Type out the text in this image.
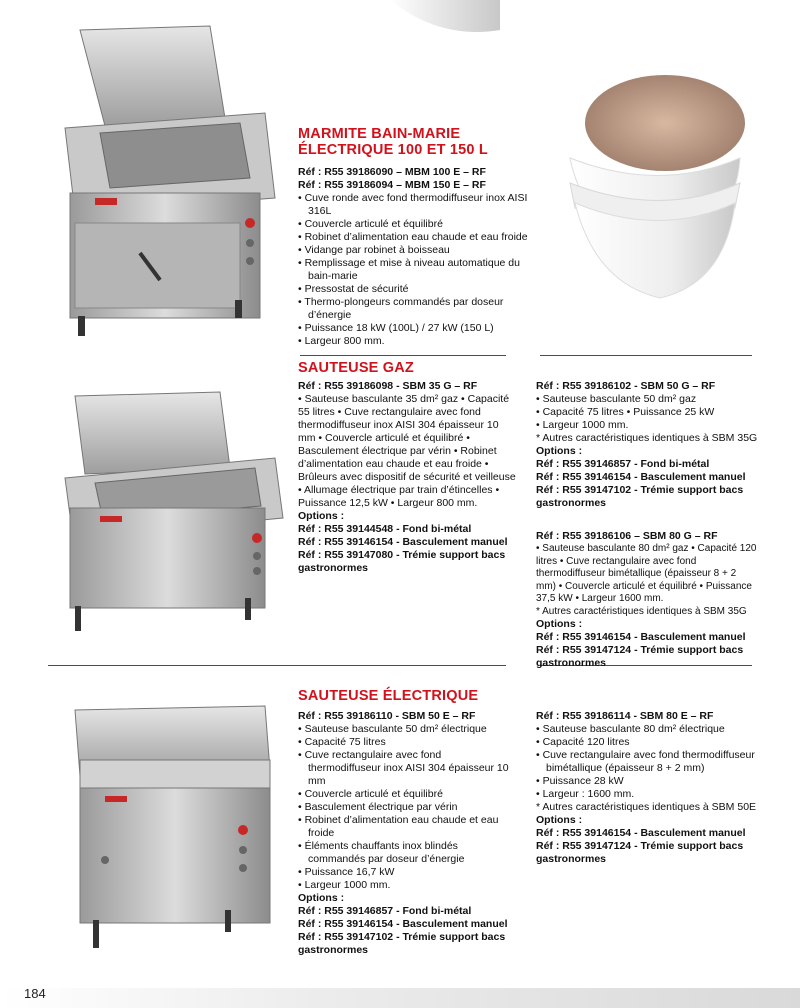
MARMITE BAIN-MARIE
ÉLECTRIQUE 100 ET 150 L
Réf : R55 39186090 – MBM 100 E – RF
Réf : R55 39186094 – MBM 150 E – RF
• Cuve ronde avec fond thermodiffuseur inox AISI 316L
• Couvercle articulé et équilibré
• Robinet d’alimentation eau chaude et eau froide
• Vidange par robinet à boisseau
• Remplissage et mise à niveau automatique du bain-marie
• Pressostat de sécurité
• Thermo-plongeurs commandés par doseur d’énergie
• Puissance 18 kW (100L) / 27 kW (150 L)
• Largeur 800 mm.
SAUTEUSE GAZ
Réf : R55 39186098 - SBM 35 G – RF
• Sauteuse basculante 35 dm² gaz • Capacité 55 litres • Cuve rectangulaire avec fond thermodiffuseur inox AISI 304 épaisseur 10 mm • Couvercle articulé et équilibré • Basculement électrique par vérin • Robinet d’alimentation eau chaude et eau froide • Brûleurs avec dispositif de sécurité et veilleuse • Allumage électrique par train d’étincelles • Puissance 12,5 kW • Largeur 800 mm.
Options :
Réf : R55 39144548 - Fond bi-métal
Réf : R55 39146154 - Basculement manuel
Réf : R55 39147080 - Trémie support bacs gastronormes
Réf : R55 39186102 - SBM 50 G – RF
• Sauteuse basculante 50 dm² gaz
• Capacité 75 litres • Puissance 25 kW
• Largeur 1000 mm.
* Autres caractéristiques identiques à SBM 35G
Options :
Réf : R55 39146857 - Fond bi-métal
Réf : R55 39146154 - Basculement manuel
Réf : R55 39147102 - Trémie support bacs gastronormes
Réf : R55 39186106 – SBM 80 G – RF
• Sauteuse basculante 80 dm² gaz • Capacité 120 litres • Cuve rectangulaire avec fond thermodiffuseur bimétallique (épaisseur 8 + 2 mm) • Couvercle articulé et équilibré • Puissance 37,5 kW • Largeur 1600 mm.
* Autres caractéristiques identiques à SBM 35G
Options :
Réf : R55 39146154 - Basculement manuel
Réf : R55 39147124 - Trémie support bacs gastronormes
SAUTEUSE ÉLECTRIQUE
Réf : R55 39186110 - SBM 50 E – RF
• Sauteuse basculante 50 dm² électrique
• Capacité 75 litres
• Cuve rectangulaire avec fond thermodiffuseur inox AISI 304 épaisseur 10 mm
• Couvercle articulé et équilibré
• Basculement électrique par vérin
• Robinet d’alimentation eau chaude et eau froide
• Éléments chauffants inox blindés commandés par doseur d’énergie
• Puissance 16,7 kW
• Largeur 1000 mm.
Options :
Réf : R55 39146857 - Fond bi-métal
Réf : R55 39146154 - Basculement manuel
Réf : R55 39147102 - Trémie support bacs gastronormes
Réf : R55 39186114 - SBM 80 E – RF
• Sauteuse basculante 80 dm² électrique
• Capacité 120 litres
• Cuve rectangulaire avec fond thermodiffuseur bimétallique (épaisseur 8 + 2 mm)
• Puissance 28 kW
• Largeur : 1600 mm.
* Autres caractéristiques identiques à SBM 50E
Options :
Réf : R55 39146154 - Basculement manuel
Réf : R55 39147124 - Trémie support bacs gastronormes
184
